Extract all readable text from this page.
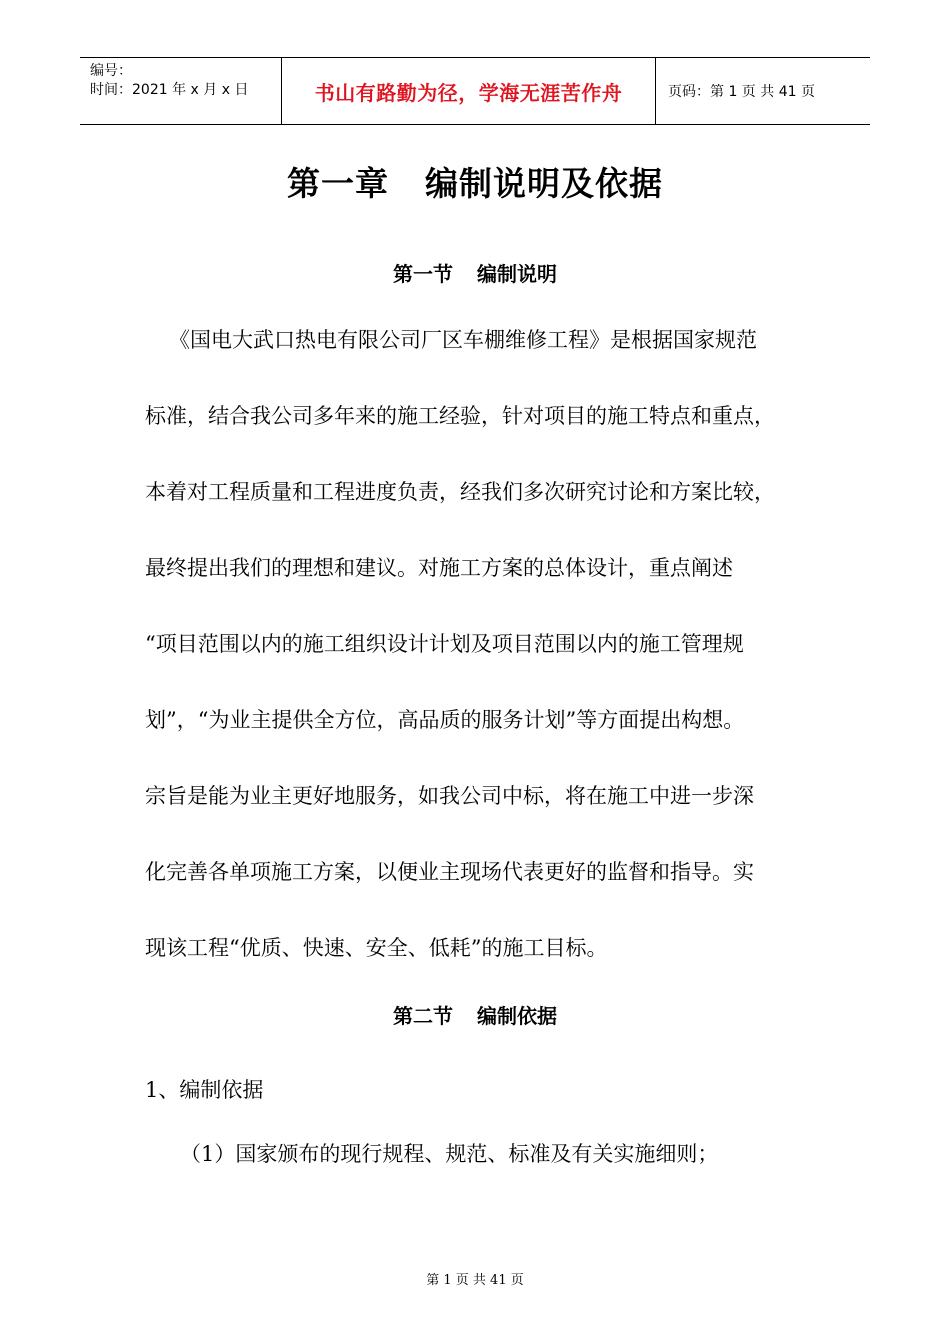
编号：
时间：2021 年 x 月 x 日	书山有路勤为径，学海无涯苦作舟	页码：第 1 页 共 41 页
第一章 编制说明及依据
第一节 编制说明
《国电大武口热电有限公司厂区车棚维修工程》是根据国家规范
标准，结合我公司多年来的施工经验，针对项目的施工特点和重点，
本着对工程质量和工程进度负责，经我们多次研究讨论和方案比较，
最终提出我们的理想和建议。对施工方案的总体设计，重点阐述
“项目范围以内的施工组织设计计划及项目范围以内的施工管理规
划”，“为业主提供全方位，高品质的服务计划”等方面提出构想。
宗旨是能为业主更好地服务，如我公司中标，将在施工中进一步深
化完善各单项施工方案，以便业主现场代表更好的监督和指导。实
现该工程“优质、快速、安全、低耗”的施工目标。
第二节 编制依据
1、编制依据
（1）国家颁布的现行规程、规范、标准及有关实施细则；
第 1 页 共 41 页
